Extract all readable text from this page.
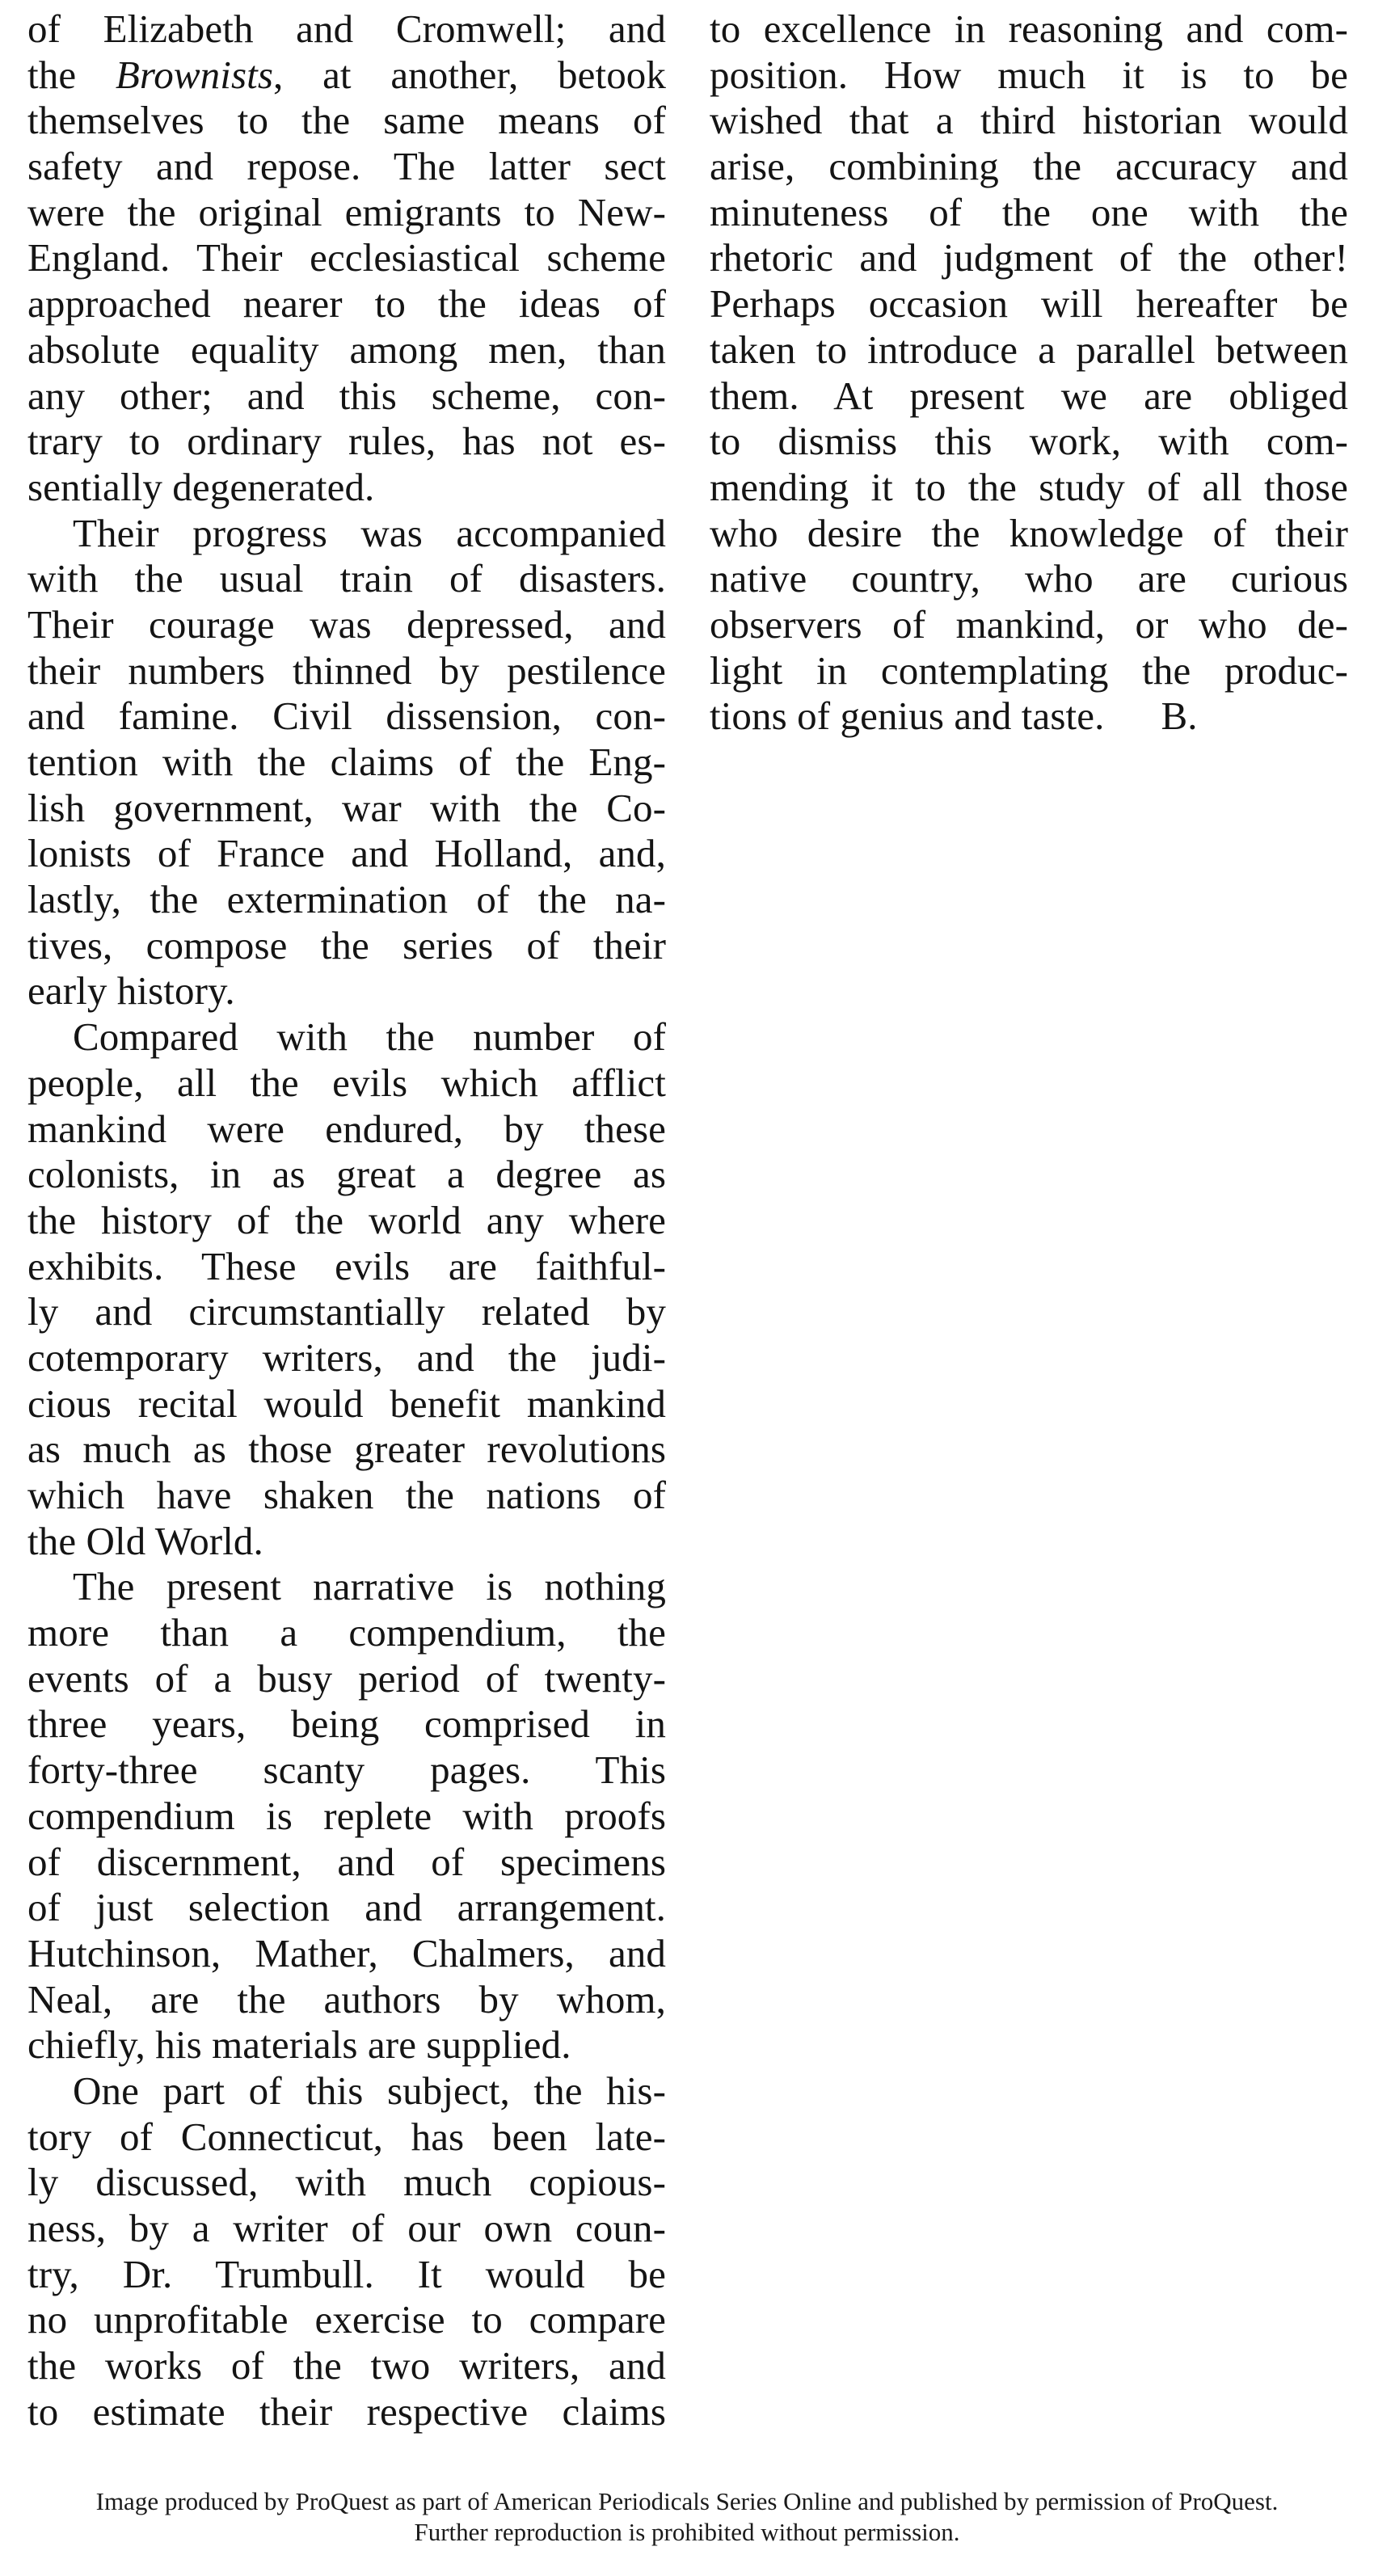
of Elizabeth and Cromwell; and
the Brownists, at another, betook
themselves to the same means of
safety and repose. The latter sect
were the original emigrants to New-
England. Their ecclesiastical scheme
approached nearer to the ideas of
absolute equality among men, than
any other; and this scheme, con-
trary to ordinary rules, has not es-
sentially degenerated.
Their progress was accompanied
with the usual train of disasters.
Their courage was depressed, and
their numbers thinned by pestilence
and famine. Civil dissension, con-
tention with the claims of the Eng-
lish government, war with the Co-
lonists of France and Holland, and,
lastly, the extermination of the na-
tives, compose the series of their
early history.
Compared with the number of
people, all the evils which afflict
mankind were endured, by these
colonists, in as great a degree as
the history of the world any where
exhibits. These evils are faithful-
ly and circumstantially related by
cotemporary writers, and the judi-
cious recital would benefit mankind
as much as those greater revolutions
which have shaken the nations of
the Old World.
The present narrative is nothing
more than a compendium, the
events of a busy period of twenty-
three years, being comprised in
forty-three scanty pages. This
compendium is replete with proofs
of discernment, and of specimens
of just selection and arrangement.
Hutchinson, Mather, Chalmers, and
Neal, are the authors by whom,
chiefly, his materials are supplied.
One part of this subject, the his-
tory of Connecticut, has been late-
ly discussed, with much copious-
ness, by a writer of our own coun-
try, Dr. Trumbull. It would be
no unprofitable exercise to compare
the works of the two writers, and
to estimate their respective claims
to excellence in reasoning and com-
position. How much it is to be
wished that a third historian would
arise, combining the accuracy and
minuteness of the one with the
rhetoric and judgment of the other!
Perhaps occasion will hereafter be
taken to introduce a parallel between
them. At present we are obliged
to dismiss this work, with com-
mending it to the study of all those
who desire the knowledge of their
native country, who are curious
observers of mankind, or who de-
light in contemplating the produc-
tions of genius and taste. B.
Image produced by ProQuest as part of American Periodicals Series Online and published by permission of ProQuest.
Further reproduction is prohibited without permission.
